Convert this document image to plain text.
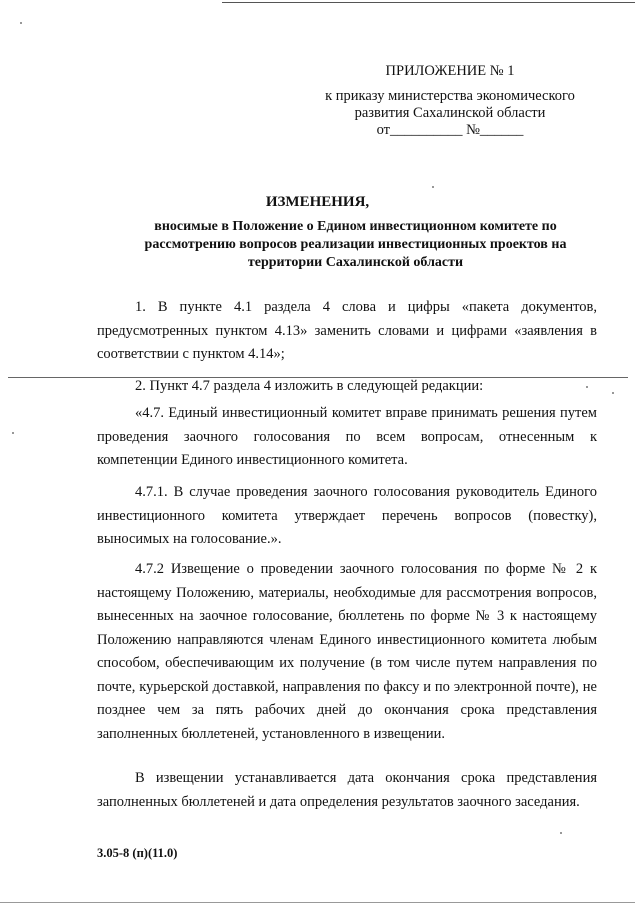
ПРИЛОЖЕНИЕ № 1
к приказу министерства экономического
развития Сахалинской области
от__________ №______
ИЗМЕНЕНИЯ,
вносимые в Положение о Едином инвестиционном комитете по рассмотрению вопросов реализации инвестиционных проектов на территории Сахалинской области

1. В пункте 4.1 раздела 4 слова и цифры «пакета документов, предусмотренных пунктом 4.13» заменить словами и цифрами «заявления в соответствии с пунктом 4.14»;

2. Пункт 4.7 раздела 4 изложить в следующей редакции:

«4.7. Единый инвестиционный комитет вправе принимать решения путем проведения заочного голосования по всем вопросам, отнесенным к компетенции Единого инвестиционного комитета.

4.7.1. В случае проведения заочного голосования руководитель Единого инвестиционного комитета утверждает перечень вопросов (повестку), выносимых на голосование.».

4.7.2 Извещение о проведении заочного голосования по форме № 2 к настоящему Положению, материалы, необходимые для рассмотрения вопросов, вынесенных на заочное голосование, бюллетень по форме № 3 к настоящему Положению направляются членам Единого инвестиционного комитета любым способом, обеспечивающим их получение (в том числе путем направления по почте, курьерской доставкой, направления по факсу и по электронной почте), не позднее чем за пять рабочих дней до окончания срока представления заполненных бюллетеней, установленного в извещении.

В извещении устанавливается дата окончания срока представления заполненных бюллетеней и дата определения результатов заочного заседания.

3.05-8 (п)(11.0)
